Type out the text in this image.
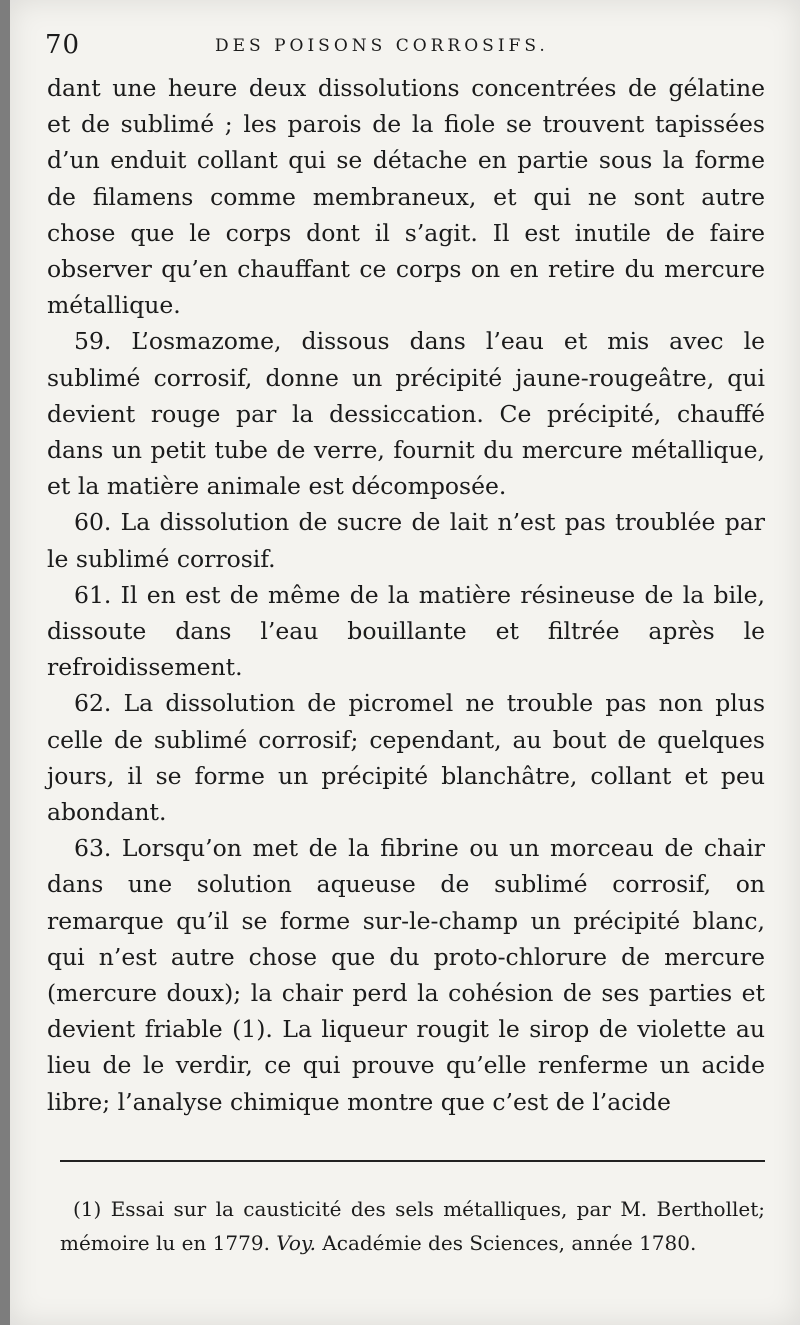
70	DES POISONS CORROSIFS.

dant une heure deux dissolutions concentrées de gélatine et de sublimé ; les parois de la fiole se trouvent tapissées d’un enduit collant qui se détache en partie sous la forme de filamens comme membraneux, et qui ne sont autre chose que le corps dont il s’agit. Il est inutile de faire observer qu’en chauffant ce corps on en retire du mercure métallique.

59. L’osmazome, dissous dans l’eau et mis avec le sublimé corrosif, donne un précipité jaune-rougeâtre, qui devient rouge par la dessiccation. Ce précipité, chauffé dans un petit tube de verre, fournit du mercure métallique, et la matière animale est décomposée.

60. La dissolution de sucre de lait n’est pas troublée par le sublimé corrosif.

61. Il en est de même de la matière résineuse de la bile, dissoute dans l’eau bouillante et filtrée après le refroidissement.

62. La dissolution de picromel ne trouble pas non plus celle de sublimé corrosif; cependant, au bout de quelques jours, il se forme un précipité blanchâtre, collant et peu abondant.

63. Lorsqu’on met de la fibrine ou un morceau de chair dans une solution aqueuse de sublimé corrosif, on remarque qu’il se forme sur-le-champ un précipité blanc, qui n’est autre chose que du proto-chlorure de mercure (mercure doux); la chair perd la cohésion de ses parties et devient friable (1). La liqueur rougit le sirop de violette au lieu de le verdir, ce qui prouve qu’elle renferme un acide libre; l’analyse chimique montre que c’est de l’acide

(1) Essai sur la causticité des sels métalliques, par M. Berthollet; mémoire lu en 1779. Voy. Académie des Sciences, année 1780.
